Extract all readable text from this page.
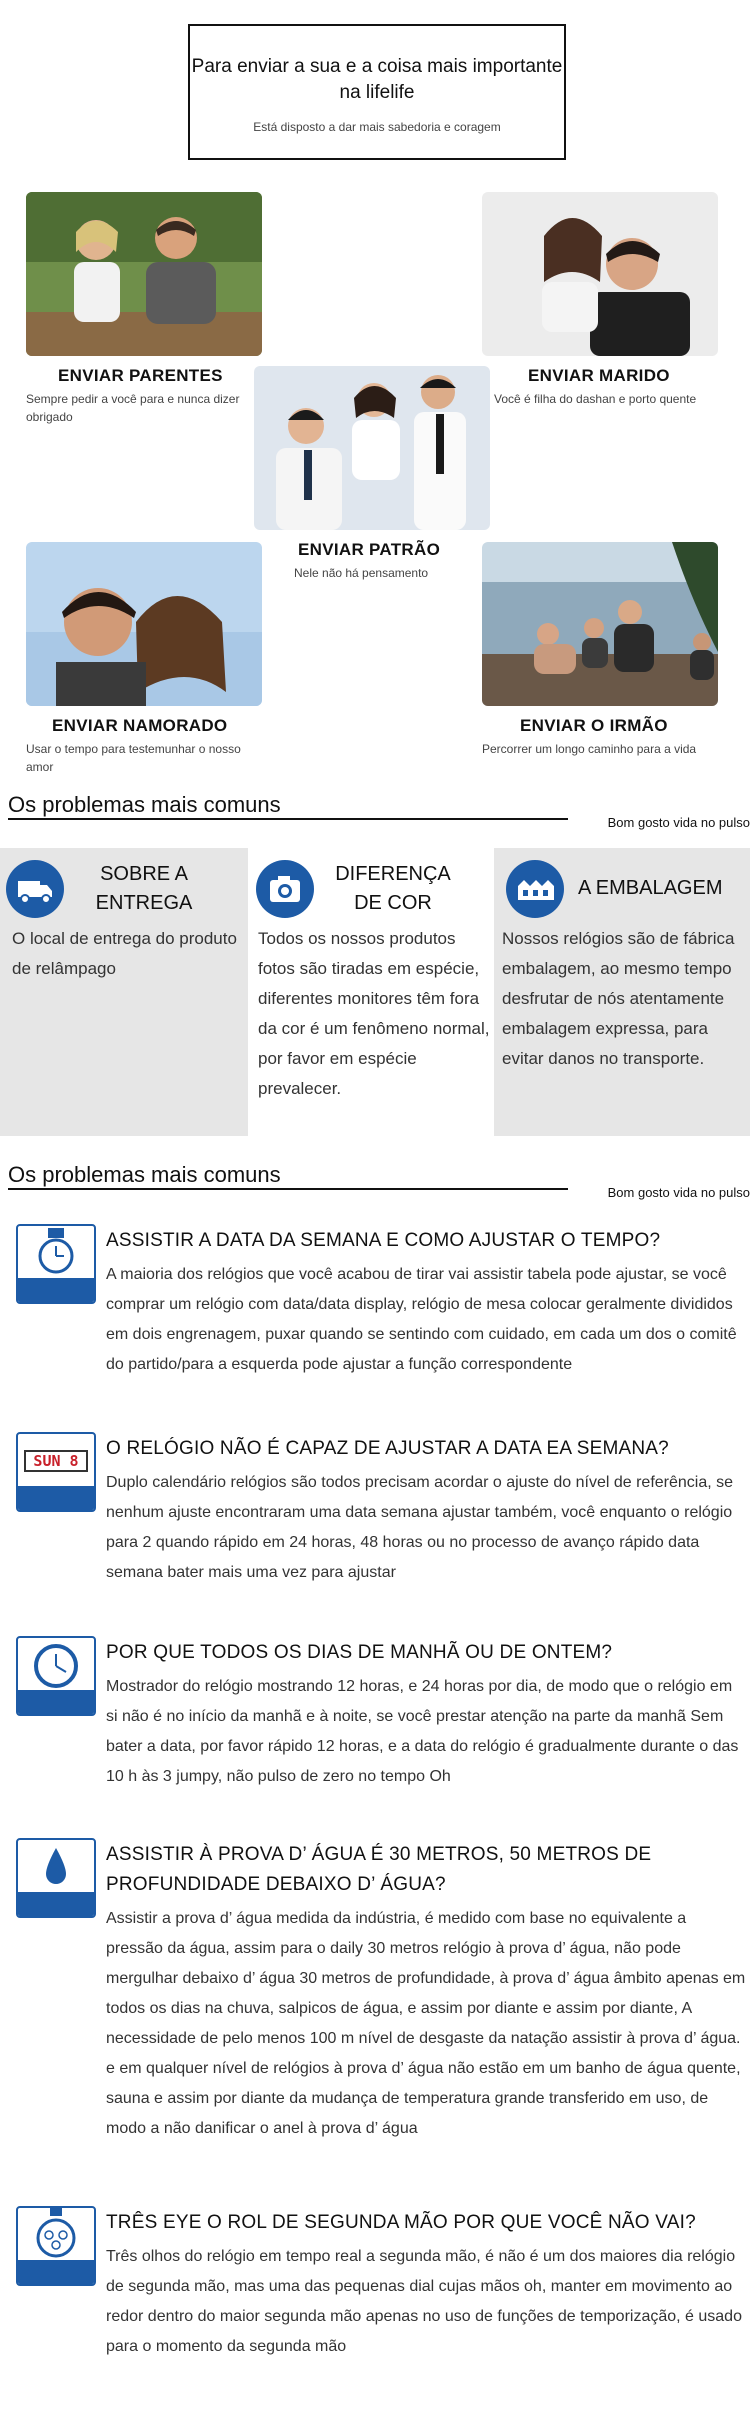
Para enviar a sua e a coisa mais importante na lifelife
Está disposto a dar mais sabedoria e coragem
ENVIAR PARENTES
Sempre pedir a você para e nunca dizer obrigado
ENVIAR MARIDO
Você é filha do dashan e porto quente
ENVIAR PATRÃO
Nele não há pensamento
ENVIAR NAMORADO
Usar o tempo para testemunhar o nosso amor
ENVIAR O IRMÃO
Percorrer um longo caminho para a vida
Os problemas mais comuns
Bom gosto vida no pulso
SOBRE A ENTREGA
O local de entrega do produto de relâmpago
DIFERENÇA DE COR
Todos os nossos produtos fotos são tiradas em espécie, diferentes monitores têm fora da cor é um fenômeno normal, por favor em espécie prevalecer.
A EMBALAGEM
Nossos relógios são de fábrica embalagem, ao mesmo tempo desfrutar de nós atentamente embalagem expressa, para evitar danos no transporte.
Os problemas mais comuns
Bom gosto vida no pulso
ASSISTIR A DATA DA SEMANA E COMO AJUSTAR O TEMPO?
A maioria dos relógios que você acabou de tirar vai assistir tabela pode ajustar, se você comprar um relógio com data/data display, relógio de mesa colocar geralmente divididos em dois engrenagem, puxar quando se sentindo com cuidado, em cada um dos o comitê do partido/para a esquerda pode ajustar a função correspondente
SUN 8
O RELÓGIO NÃO É CAPAZ DE AJUSTAR A DATA EA SEMANA?
Duplo calendário relógios são todos precisam acordar o ajuste do nível de referência, se nenhum ajuste encontraram uma data semana ajustar também, você enquanto o relógio para 2 quando rápido em 24 horas, 48 horas ou no processo de avanço rápido data semana bater mais uma vez para ajustar
POR QUE TODOS OS DIAS DE MANHÃ OU DE ONTEM?
Mostrador do relógio mostrando 12 horas, e 24 horas por dia, de modo que o relógio em si não é no início da manhã e à noite, se você prestar atenção na parte da manhã Sem bater a data, por favor rápido 12 horas, e a data do relógio é gradualmente durante o das 10 h às 3 jumpy, não pulso de zero no tempo Oh
ASSISTIR À PROVA D’ ÁGUA É 30 METROS, 50 METROS DE PROFUNDIDADE DEBAIXO D’ ÁGUA?
Assistir a prova d’ água medida da indústria, é medido com base no equivalente a pressão da água, assim para o daily 30 metros relógio à prova d’ água, não pode mergulhar debaixo d’ água 30 metros de profundidade, à prova d’ água âmbito apenas em todos os dias na chuva, salpicos de água, e assim por diante e assim por diante, A necessidade de pelo menos 100 m nível de desgaste da natação assistir à prova d’ água. e em qualquer nível de relógios à prova d’ água não estão em um banho de água quente, sauna e assim por diante da mudança de temperatura grande transferido em uso, de modo a não danificar o anel à prova d’ água
TRÊS EYE O ROL DE SEGUNDA MÃO POR QUE VOCÊ NÃO VAI?
Três olhos do relógio em tempo real a segunda mão, é não é um dos maiores dia relógio de segunda mão, mas uma das pequenas dial cujas mãos oh, manter em movimento ao redor dentro do maior segunda mão apenas no uso de funções de temporização, é usado para o momento da segunda mão
